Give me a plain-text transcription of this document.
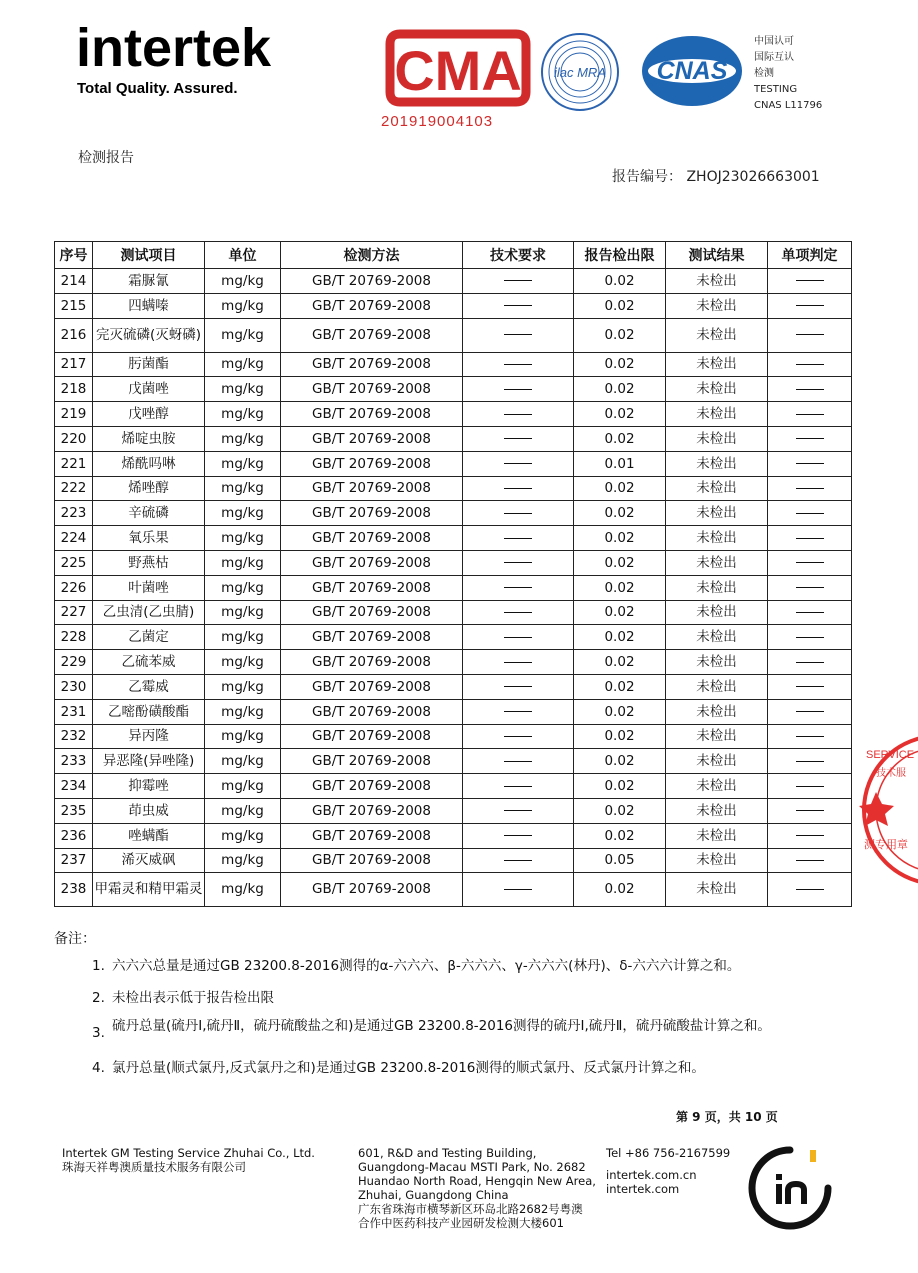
intertek
Total Quality. Assured.	CMA
201919004103
ilac MRA CNAS
中国认可
国际互认
检测
TESTING
CNAS L11796
检测报告
报告编号： ZHOJ23026663001
序号	测试项目	单位	检测方法	技术要求	报告检出限	测试结果	单项判定
214	霜脲氰	mg/kg	GB/T 20769-2008		0.02	未检出	
215	四螨嗪	mg/kg	GB/T 20769-2008		0.02	未检出	
216	完灭硫磷(灭蚜磷)	mg/kg	GB/T 20769-2008		0.02	未检出	
217	肟菌酯	mg/kg	GB/T 20769-2008		0.02	未检出	
218	戊菌唑	mg/kg	GB/T 20769-2008		0.02	未检出	
219	戊唑醇	mg/kg	GB/T 20769-2008		0.02	未检出	
220	烯啶虫胺	mg/kg	GB/T 20769-2008		0.02	未检出	
221	烯酰吗啉	mg/kg	GB/T 20769-2008		0.01	未检出	
222	烯唑醇	mg/kg	GB/T 20769-2008		0.02	未检出	
223	辛硫磷	mg/kg	GB/T 20769-2008		0.02	未检出	
224	氧乐果	mg/kg	GB/T 20769-2008		0.02	未检出	
225	野燕枯	mg/kg	GB/T 20769-2008		0.02	未检出	
226	叶菌唑	mg/kg	GB/T 20769-2008		0.02	未检出	
227	乙虫清(乙虫腈)	mg/kg	GB/T 20769-2008		0.02	未检出	
228	乙菌定	mg/kg	GB/T 20769-2008		0.02	未检出	
229	乙硫苯威	mg/kg	GB/T 20769-2008		0.02	未检出	
230	乙霉威	mg/kg	GB/T 20769-2008		0.02	未检出	
231	乙嘧酚磺酸酯	mg/kg	GB/T 20769-2008		0.02	未检出	
232	异丙隆	mg/kg	GB/T 20769-2008		0.02	未检出	
233	异恶隆(异唑隆)	mg/kg	GB/T 20769-2008		0.02	未检出	
234	抑霉唑	mg/kg	GB/T 20769-2008		0.02	未检出	
235	茚虫威	mg/kg	GB/T 20769-2008		0.02	未检出	
236	唑螨酯	mg/kg	GB/T 20769-2008		0.02	未检出	
237	浠灭威砜	mg/kg	GB/T 20769-2008		0.05	未检出	
238	甲霜灵和精甲霜灵	mg/kg	GB/T 20769-2008		0.02	未检出	
备注：
1. 六六六总量是通过GB 23200.8-2016测得的α-六六六、β-六六六、γ-六六六(林丹)、δ-六六六计算之和。
2. 未检出表示低于报告检出限
3. 硫丹总量(硫丹Ⅰ,硫丹Ⅱ，硫丹硫酸盐之和)是通过GB 23200.8-2016测得的硫丹Ⅰ,硫丹Ⅱ，硫丹硫酸盐计算之和。
4. 氯丹总量(顺式氯丹,反式氯丹之和)是通过GB 23200.8-2016测得的顺式氯丹、反式氯丹计算之和。
第 9 页，共 10 页
Intertek GM Testing Service Zhuhai Co., Ltd.
珠海天祥粤澳质量技术服务有限公司
601, R&D and Testing Building,
Guangdong-Macau MSTI Park, No. 2682
Huandao North Road, Hengqin New Area,
Zhuhai, Guangdong China
广东省珠海市横琴新区环岛北路2682号粤澳
合作中医药科技产业园研发检测大楼601
Tel +86 756-2167599
intertek.com.cn
intertek.com
SERVICE
技术服
测专用章
